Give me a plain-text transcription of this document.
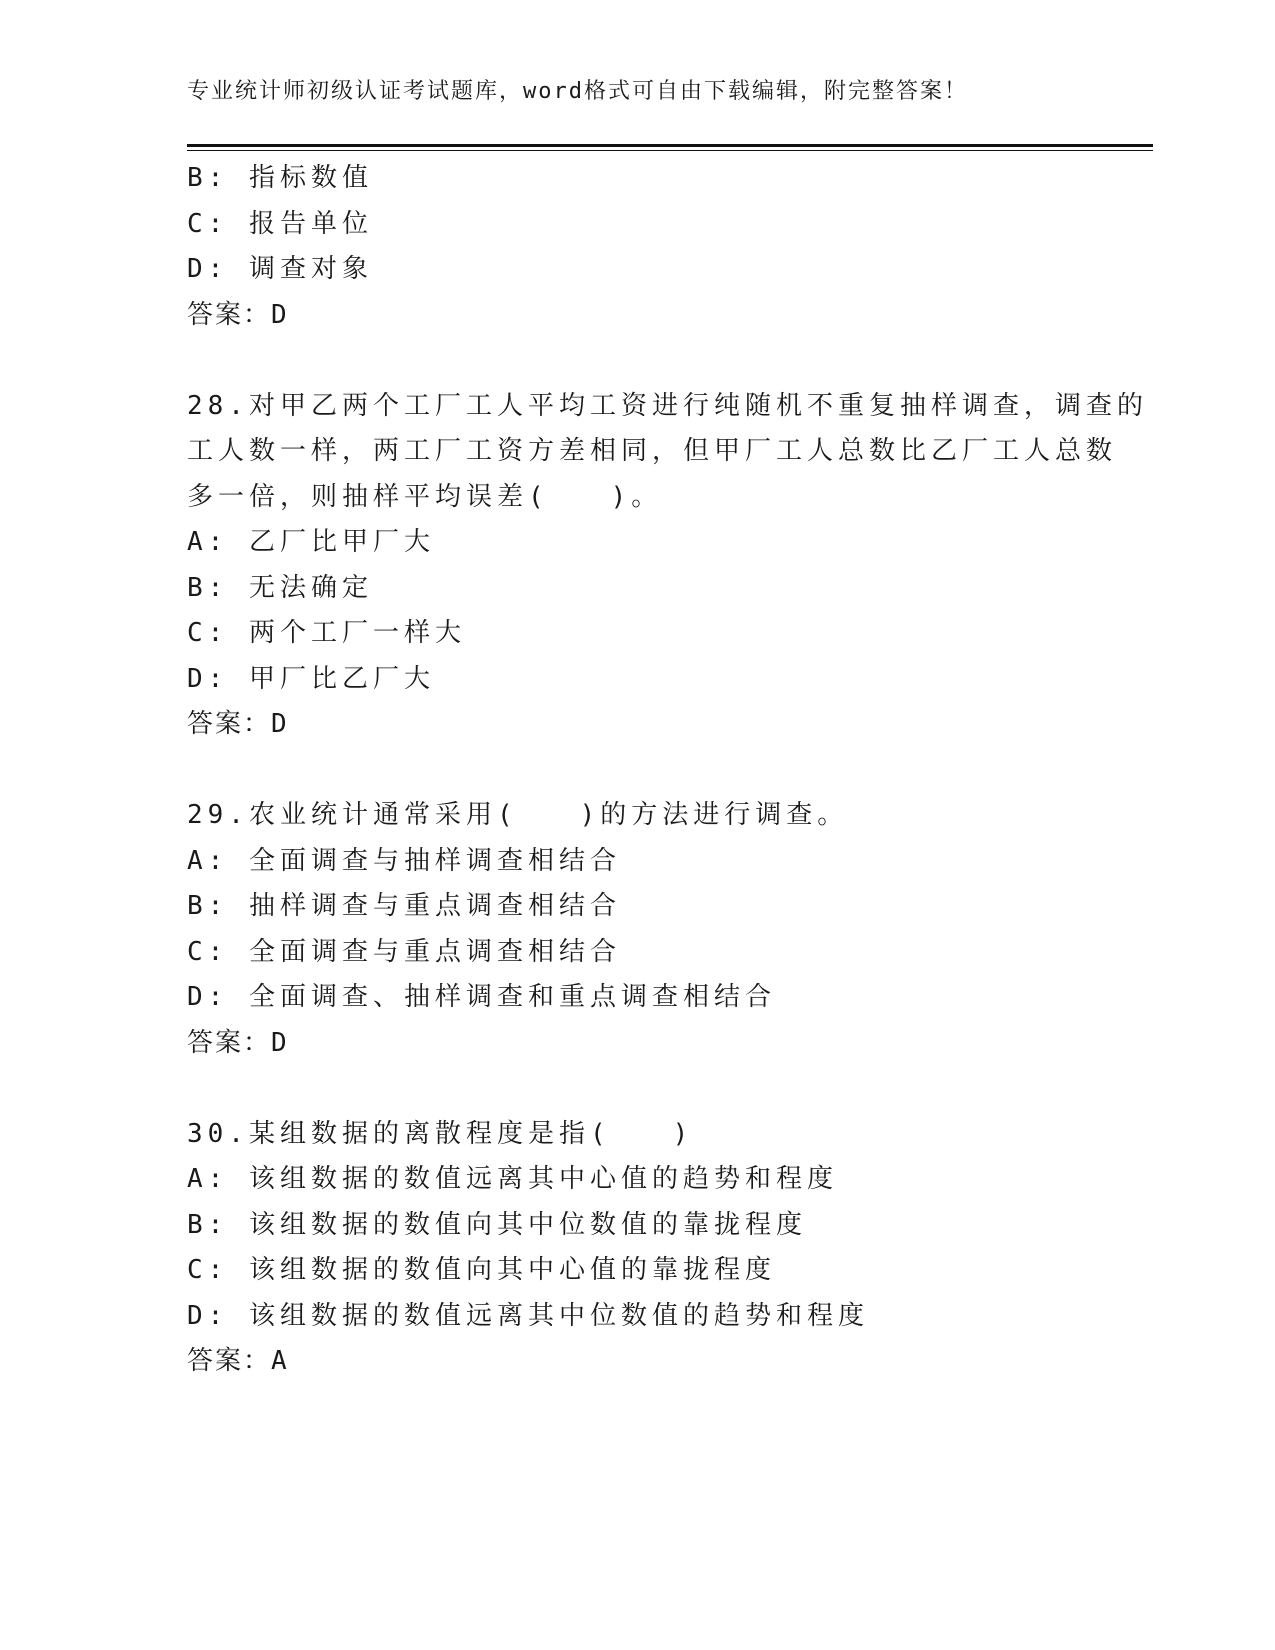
专业统计师初级认证考试题库，word格式可自由下载编辑，附完整答案！
B: 指标数值
C: 报告单位
D: 调查对象
答案：D
28.对甲乙两个工厂工人平均工资进行纯随机不重复抽样调查，调查的
工人数一样，两工厂工资方差相同，但甲厂工人总数比乙厂工人总数
多一倍，则抽样平均误差(　　)。
A: 乙厂比甲厂大
B: 无法确定
C: 两个工厂一样大
D: 甲厂比乙厂大
答案：D
29.农业统计通常采用(　　)的方法进行调查。
A: 全面调查与抽样调查相结合
B: 抽样调查与重点调查相结合
C: 全面调查与重点调查相结合
D: 全面调查、抽样调查和重点调查相结合
答案：D
30.某组数据的离散程度是指(　　)
A: 该组数据的数值远离其中心值的趋势和程度
B: 该组数据的数值向其中位数值的靠拢程度
C: 该组数据的数值向其中心值的靠拢程度
D: 该组数据的数值远离其中位数值的趋势和程度
答案：A
